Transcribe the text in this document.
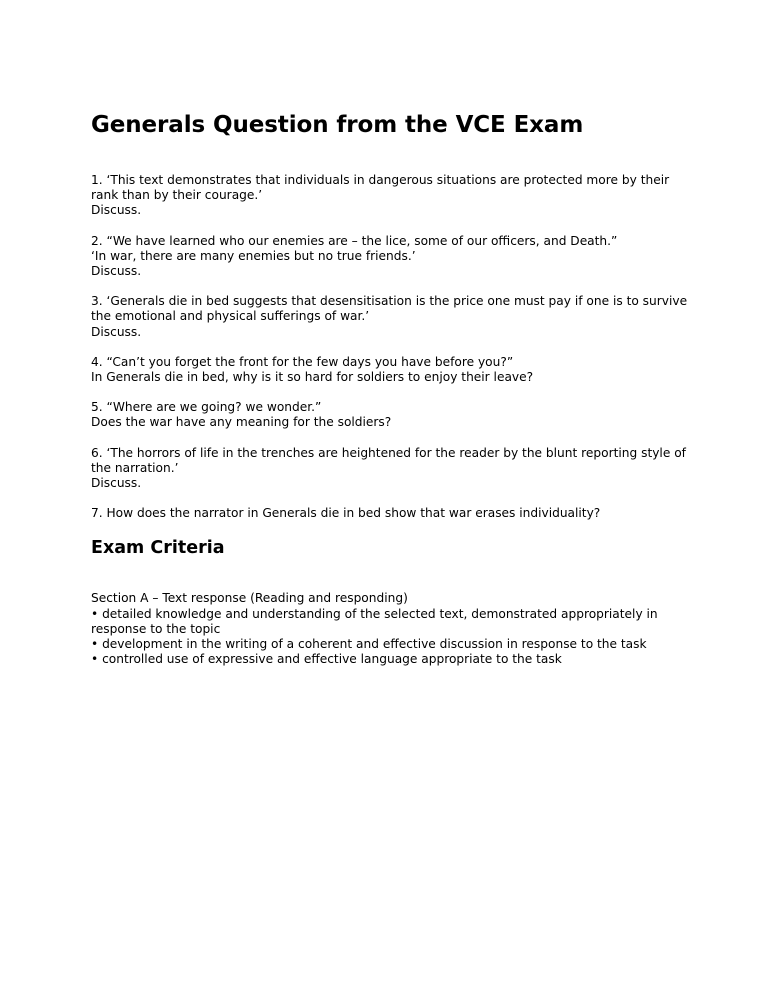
Generals Question from the VCE Exam
1. ‘This text demonstrates that individuals in dangerous situations are protected more by their rank than by their courage.’
Discuss.
2. “We have learned who our enemies are – the lice, some of our officers, and Death.”
‘In war, there are many enemies but no true friends.’
Discuss.
3. ‘Generals die in bed suggests that desensitisation is the price one must pay if one is to survive the emotional and physical sufferings of war.’
Discuss.
4. “Can’t you forget the front for the few days you have before you?”
In Generals die in bed, why is it so hard for soldiers to enjoy their leave?
5. “Where are we going? we wonder.”
Does the war have any meaning for the soldiers?
6. ‘The horrors of life in the trenches are heightened for the reader by the blunt reporting style of the narration.’
Discuss.
7. How does the narrator in Generals die in bed show that war erases individuality?
Exam Criteria
Section A – Text response (Reading and responding)
• detailed knowledge and understanding of the selected text, demonstrated appropriately in response to the topic
• development in the writing of a coherent and effective discussion in response to the task
• controlled use of expressive and effective language appropriate to the task
